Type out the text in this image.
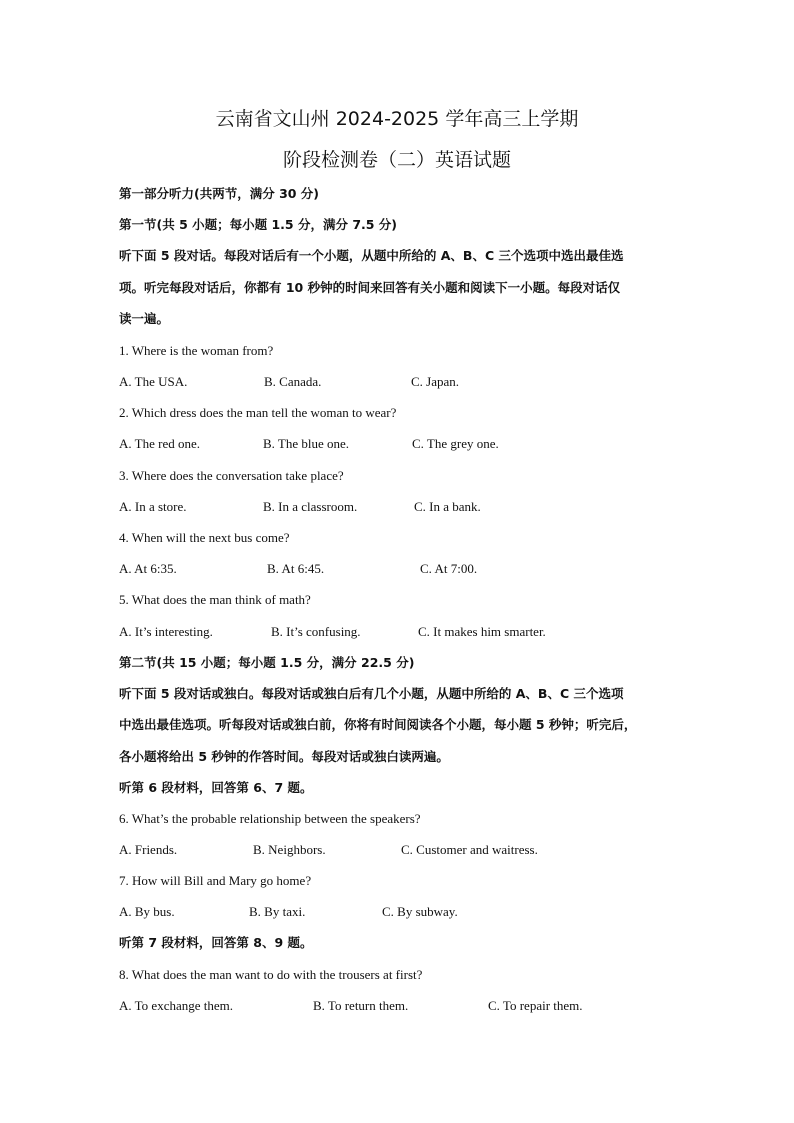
云南省文山州 2024-2025 学年高三上学期
阶段检测卷（二）英语试题
第一部分听力(共两节，满分 30 分)
第一节(共 5 小题；每小题 1.5 分，满分 7.5 分)
听下面 5 段对话。每段对话后有一个小题，从题中所给的 A、B、C 三个选项中选出最佳选
项。听完每段对话后，你都有 10 秒钟的时间来回答有关小题和阅读下一小题。每段对话仅
读一遍。
1. Where is the woman from?
A. The USA.	B. Canada.	C. Japan.
2. Which dress does the man tell the woman to wear?
A. The red one.	B. The blue one.	C. The grey one.
3. Where does the conversation take place?
A. In a store.	B. In a classroom.	C. In a bank.
4. When will the next bus come?
A. At 6:35.	B. At 6:45.	C. At 7:00.
5. What does the man think of math?
A. It’s interesting.	B. It’s confusing.	C. It makes him smarter.
第二节(共 15 小题；每小题 1.5 分，满分 22.5 分)
听下面 5 段对话或独白。每段对话或独白后有几个小题，从题中所给的 A、B、C 三个选项
中选出最佳选项。听每段对话或独白前，你将有时间阅读各个小题，每小题 5 秒钟；听完后，
各小题将给出 5 秒钟的作答时间。每段对话或独白读两遍。
听第 6 段材料，回答第 6、7 题。
6. What’s the probable relationship between the speakers?
A. Friends.	B. Neighbors.	C. Customer and waitress.
7. How will Bill and Mary go home?
A. By bus.	B. By taxi.	C. By subway.
听第 7 段材料，回答第 8、9 题。
8. What does the man want to do with the trousers at first?
A. To exchange them.	B. To return them.	C. To repair them.
